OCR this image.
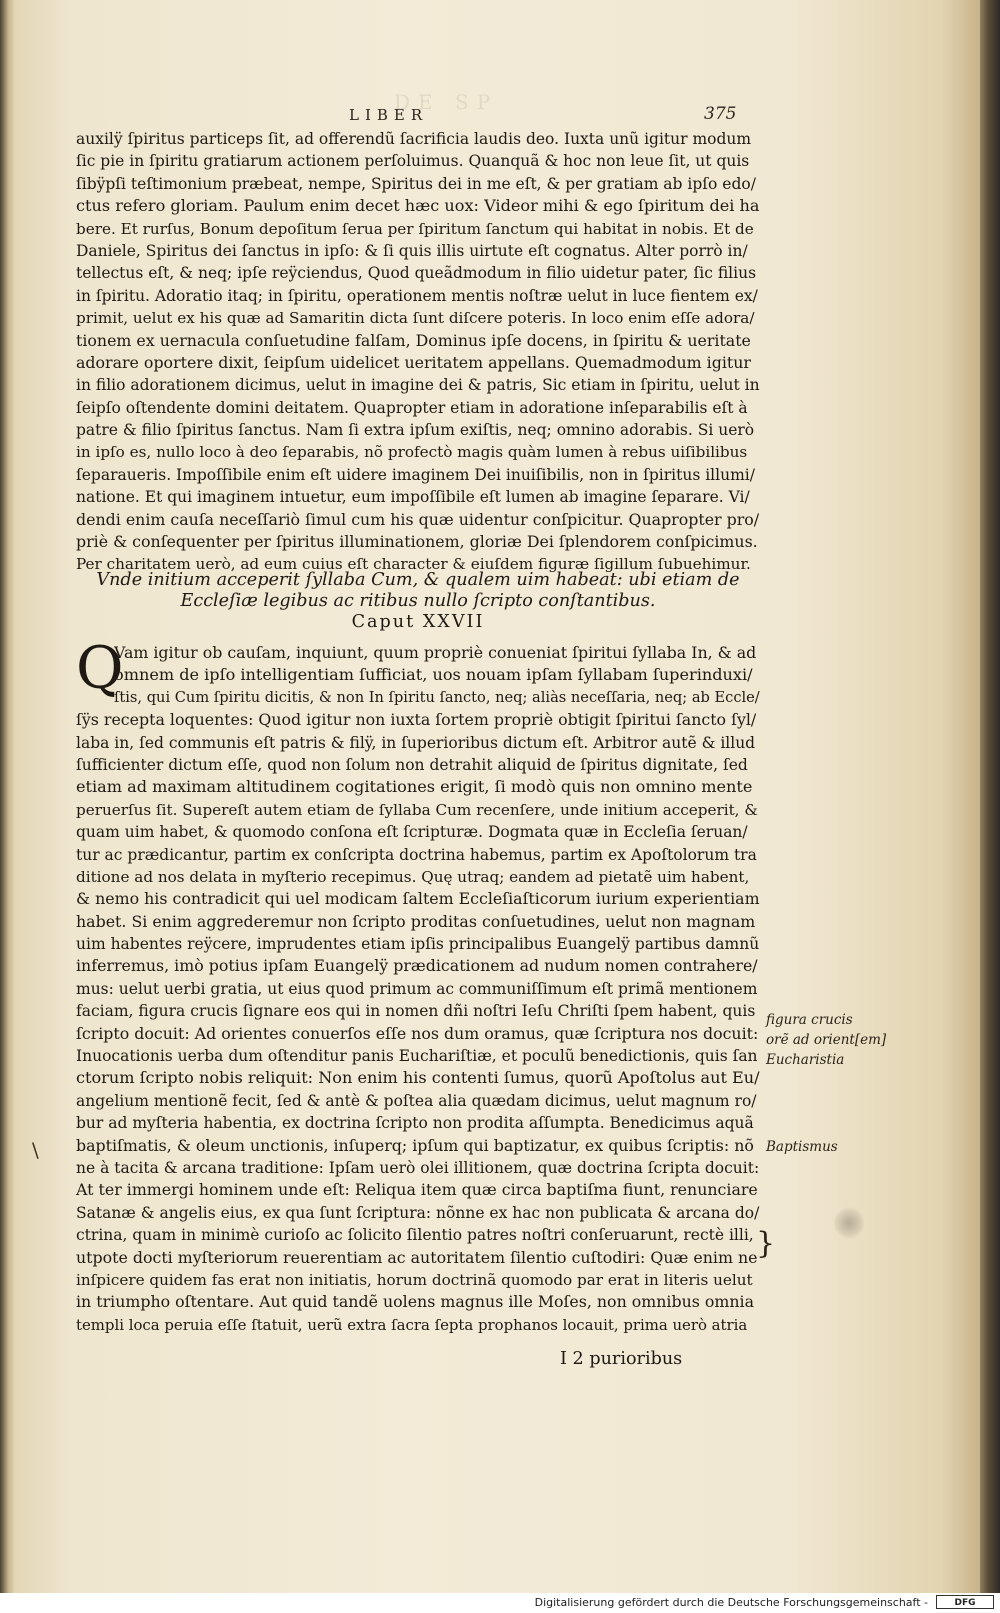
DE SP
LIBER	375
auxilÿ ſpiritus particeps ſit, ad offerendũ ſacrificia laudis deo. Iuxta unũ igitur modum
ſic pie in ſpiritu gratiarum actionem perſoluimus. Quanquã & hoc non leue ſit, ut quis
ſibÿpſi teſtimonium præbeat, nempe, Spiritus dei in me eſt, & per gratiam ab ipſo edo/
ctus refero gloriam. Paulum enim decet hæc uox: Videor mihi & ego ſpiritum dei ha
bere. Et rurſus, Bonum depoſitum ſerua per ſpiritum ſanctum qui habitat in nobis. Et de
Daniele, Spiritus dei ſanctus in ipſo: & ſi quis illis uirtute eſt cognatus. Alter porrò in/
tellectus eſt, & neq; ipſe reÿciendus, Quod queãdmodum in filio uidetur pater, ſic filius
in ſpiritu. Adoratio itaq; in ſpiritu, operationem mentis noſtræ uelut in luce fientem ex/
primit, uelut ex his quæ ad Samaritin dicta ſunt diſcere poteris. In loco enim eſſe adora/
tionem ex uernacula conſuetudine falſam, Dominus ipſe docens, in ſpiritu & ueritate
adorare oportere dixit, ſeipſum uidelicet ueritatem appellans. Quemadmodum igitur
in filio adorationem dicimus, uelut in imagine dei & patris, Sic etiam in ſpiritu, uelut in
ſeipſo oſtendente domini deitatem. Quapropter etiam in adoratione inſeparabilis eſt à
patre & filio ſpiritus ſanctus. Nam ſi extra ipſum exiſtis, neq; omnino adorabis. Si uerò
in ipſo es, nullo loco à deo ſeparabis, nõ profectò magis quàm lumen à rebus uiſibilibus
ſeparaueris. Impoſſibile enim eſt uidere imaginem Dei inuiſibilis, non in ſpiritus illumi/
natione. Et qui imaginem intuetur, eum impoſſibile eſt lumen ab imagine ſeparare. Vi/
dendi enim cauſa neceſſariò ſimul cum his quæ uidentur conſpicitur. Quapropter pro/
priè & conſequenter per ſpiritus illuminationem, gloriæ Dei ſplendorem conſpicimus.
Per charitatem uerò, ad eum cuius eſt character & eiuſdem figuræ ſigillum ſubuehimur.
Vnde initium acceperit ſyllaba Cum, & qualem uim habeat: ubi etiam de
Eccleſiæ legibus ac ritibus nullo ſcripto conſtantibus.
Caput XXVII
Q
Vam igitur ob cauſam, inquiunt, quum propriè conueniat ſpiritui ſyllaba In, & ad
omnem de ipſo intelligentiam ſufficiat, uos nouam ipſam ſyllabam ſuperinduxi/
ſtis, qui Cum ſpiritu dicitis, & non In ſpiritu ſancto, neq; aliàs neceſſaria, neq; ab Eccle/
ſÿs recepta loquentes: Quod igitur non iuxta ſortem propriè obtigit ſpiritui ſancto ſyl/
laba in, ſed communis eſt patris & filÿ, in ſuperioribus dictum eſt. Arbitror autẽ & illud
ſufficienter dictum eſſe, quod non ſolum non detrahit aliquid de ſpiritus dignitate, ſed
etiam ad maximam altitudinem cogitationes erigit, ſi modò quis non omnino mente
peruerſus ſit. Supereſt autem etiam de ſyllaba Cum recenſere, unde initium acceperit, &
quam uim habet, & quomodo conſona eſt ſcripturæ. Dogmata quæ in Eccleſia ſeruan/
tur ac prædicantur, partim ex conſcripta doctrina habemus, partim ex Apoſtolorum tra
ditione ad nos delata in myſterio recepimus. Quę utraq; eandem ad pietatẽ uim habent,
& nemo his contradicit qui uel modicam ſaltem Eccleſiaſticorum iurium experientiam
habet. Si enim aggrederemur non ſcripto proditas conſuetudines, uelut non magnam
uim habentes reÿcere, imprudentes etiam ipſis principalibus Euangelÿ partibus damnũ
inferremus, imò potius ipſam Euangelÿ prædicationem ad nudum nomen contrahere/
mus: uelut uerbi gratia, ut eius quod primum ac communiſſimum eſt primã mentionem
faciam, figura crucis ſignare eos qui in nomen dñi noſtri Ieſu Chriſti ſpem habent, quis
ſcripto docuit: Ad orientes conuerſos eſſe nos dum oramus, quæ ſcriptura nos docuit:
Inuocationis uerba dum oſtenditur panis Euchariſtiæ, et poculũ benedictionis, quis ſan
ctorum ſcripto nobis reliquit: Non enim his contenti ſumus, quorũ Apoſtolus aut Eu/
angelium mentionẽ fecit, ſed & antè & poſtea alia quædam dicimus, uelut magnum ro/
bur ad myſteria habentia, ex doctrina ſcripto non prodita aſſumpta. Benedicimus aquã
baptiſmatis, & oleum unctionis, inſuperq; ipſum qui baptizatur, ex quibus ſcriptis: nõ
ne à tacita & arcana traditione: Ipſam uerò olei illitionem, quæ doctrina ſcripta docuit:
At ter immergi hominem unde eſt: Reliqua item quæ circa baptiſma fiunt, renunciare
Satanæ & angelis eius, ex qua ſunt ſcriptura: nõnne ex hac non publicata & arcana do/
ctrina, quam in minimè curioſo ac ſolicito ſilentio patres noſtri conſeruarunt, rectè illi,
utpote docti myſteriorum reuerentiam ac autoritatem ſilentio cuſtodiri: Quæ enim ne
inſpicere quidem fas erat non initiatis, horum doctrinã quomodo par erat in literis uelut
in triumpho oſtentare. Aut quid tandẽ uolens magnus ille Moſes, non omnibus omnia
templi loca peruia eſſe ſtatuit, uerũ extra ſacra ſepta prophanos locauit, prima uerò atria
I 2 purioribus
figura crucis
orẽ ad orient[em]
Eucharistia
Baptismus
}
\
Digitalisierung gefördert durch die Deutsche Forschungsgemeinschaft -	DFG
